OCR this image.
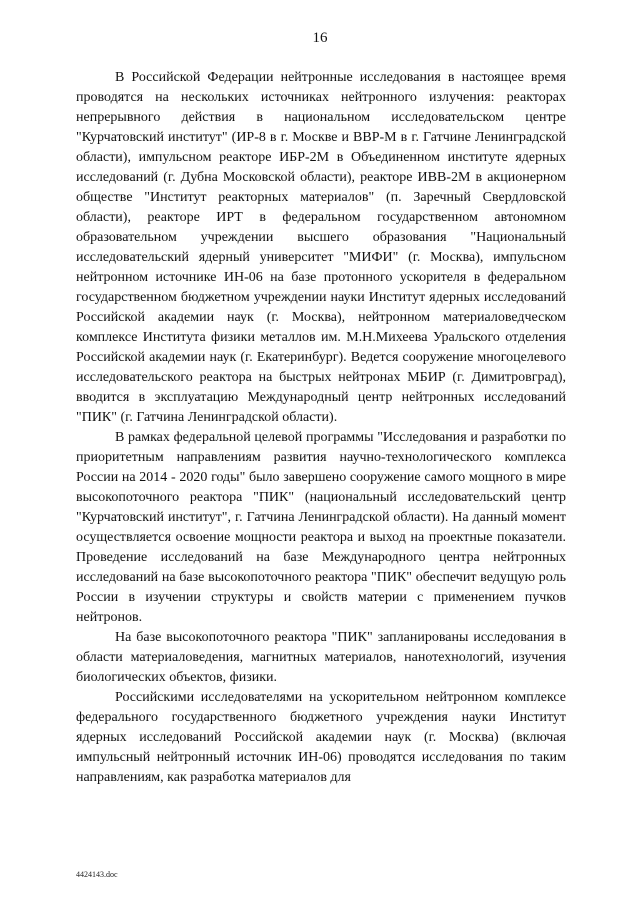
16

В Российской Федерации нейтронные исследования в настоящее время проводятся на нескольких источниках нейтронного излучения: реакторах непрерывного действия в национальном исследовательском центре "Курчатовский институт" (ИР-8 в г. Москве и ВВР-М в г. Гатчине Ленинградской области), импульсном реакторе ИБР-2М в Объединенном институте ядерных исследований (г. Дубна Московской области), реакторе ИВВ-2М в акционерном обществе "Институт реакторных материалов" (п. Заречный Свердловской области), реакторе ИРТ в федеральном государственном автономном образовательном учреждении высшего образования "Национальный исследовательский ядерный университет "МИФИ" (г. Москва), импульсном нейтронном источнике ИН-06 на базе протонного ускорителя в федеральном государственном бюджетном учреждении науки Институт ядерных исследований Российской академии наук (г. Москва), нейтронном материаловедческом комплексе Института физики металлов им. М.Н.Михеева Уральского отделения Российской академии наук (г. Екатеринбург). Ведется сооружение многоцелевого исследовательского реактора на быстрых нейтронах МБИР (г. Димитровград), вводится в эксплуатацию Международный центр нейтронных исследований "ПИК" (г. Гатчина Ленинградской области).

В рамках федеральной целевой программы "Исследования и разработки по приоритетным направлениям развития научно-технологического комплекса России на 2014 - 2020 годы" было завершено сооружение самого мощного в мире высокопоточного реактора "ПИК" (национальный исследовательский центр "Курчатовский институт", г. Гатчина Ленинградской области). На данный момент осуществляется освоение мощности реактора и выход на проектные показатели. Проведение исследований на базе Международного центра нейтронных исследований на базе высокопоточного реактора "ПИК" обеспечит ведущую роль России в изучении структуры и свойств материи с применением пучков нейтронов.

На базе высокопоточного реактора "ПИК" запланированы исследования в области материаловедения, магнитных материалов, нанотехнологий, изучения биологических объектов, физики.

Российскими исследователями на ускорительном нейтронном комплексе федерального государственного бюджетного учреждения науки Институт ядерных исследований Российской академии наук (г. Москва) (включая импульсный нейтронный источник ИН-06) проводятся исследования по таким направлениям, как разработка материалов для

4424143.doc
